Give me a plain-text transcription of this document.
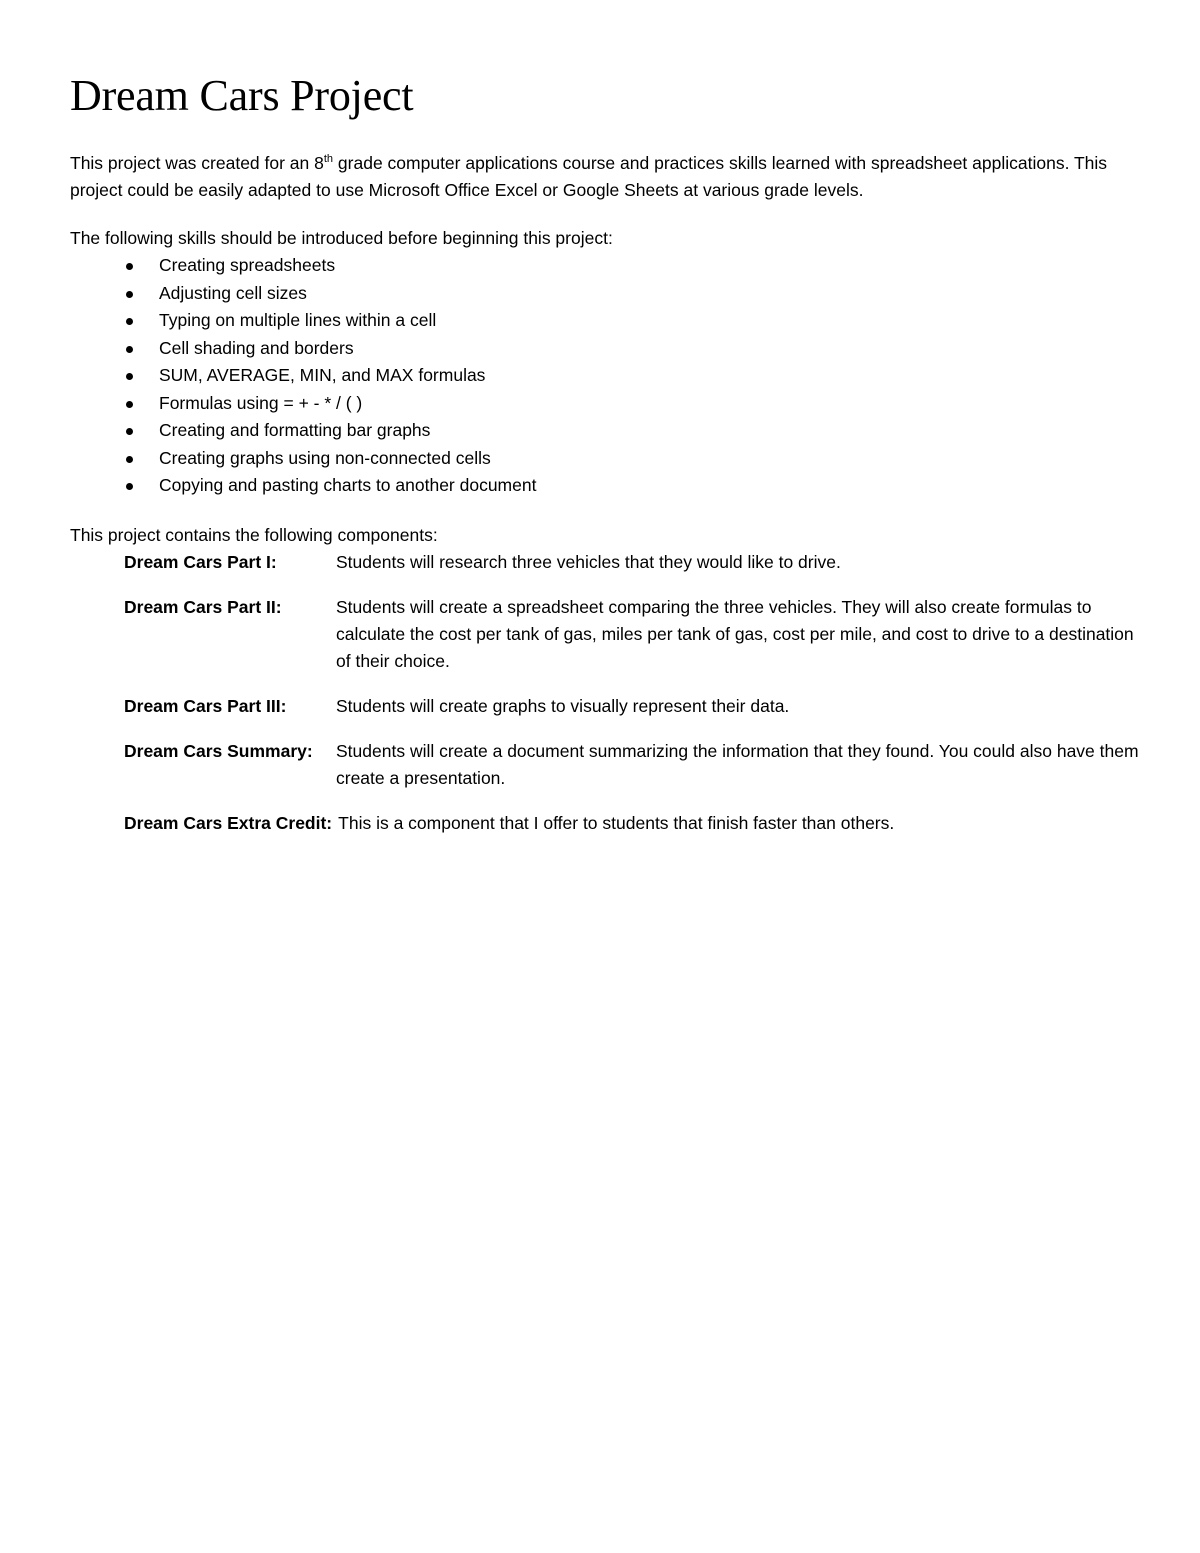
Dream Cars Project

This project was created for an 8th grade computer applications course and practices skills learned with spreadsheet applications. This project could be easily adapted to use Microsoft Office Excel or Google Sheets at various grade levels.

The following skills should be introduced before beginning this project:

Creating spreadsheets
Adjusting cell sizes
Typing on multiple lines within a cell
Cell shading and borders
SUM, AVERAGE, MIN, and MAX formulas
Formulas using = + - * / ( )
Creating and formatting bar graphs
Creating graphs using non-connected cells
Copying and pasting charts to another document

This project contains the following components:

Dream Cars Part I:	Students will research three vehicles that they would like to drive.
Dream Cars Part II:	Students will create a spreadsheet comparing the three vehicles. They will also create formulas to calculate the cost per tank of gas, miles per tank of gas, cost per mile, and cost to drive to a destination of their choice.
Dream Cars Part III:	Students will create graphs to visually represent their data.
Dream Cars Summary:	Students will create a document summarizing the information that they found. You could also have them create a presentation.
Dream Cars Extra Credit: This is a component that I offer to students that finish faster than others.
